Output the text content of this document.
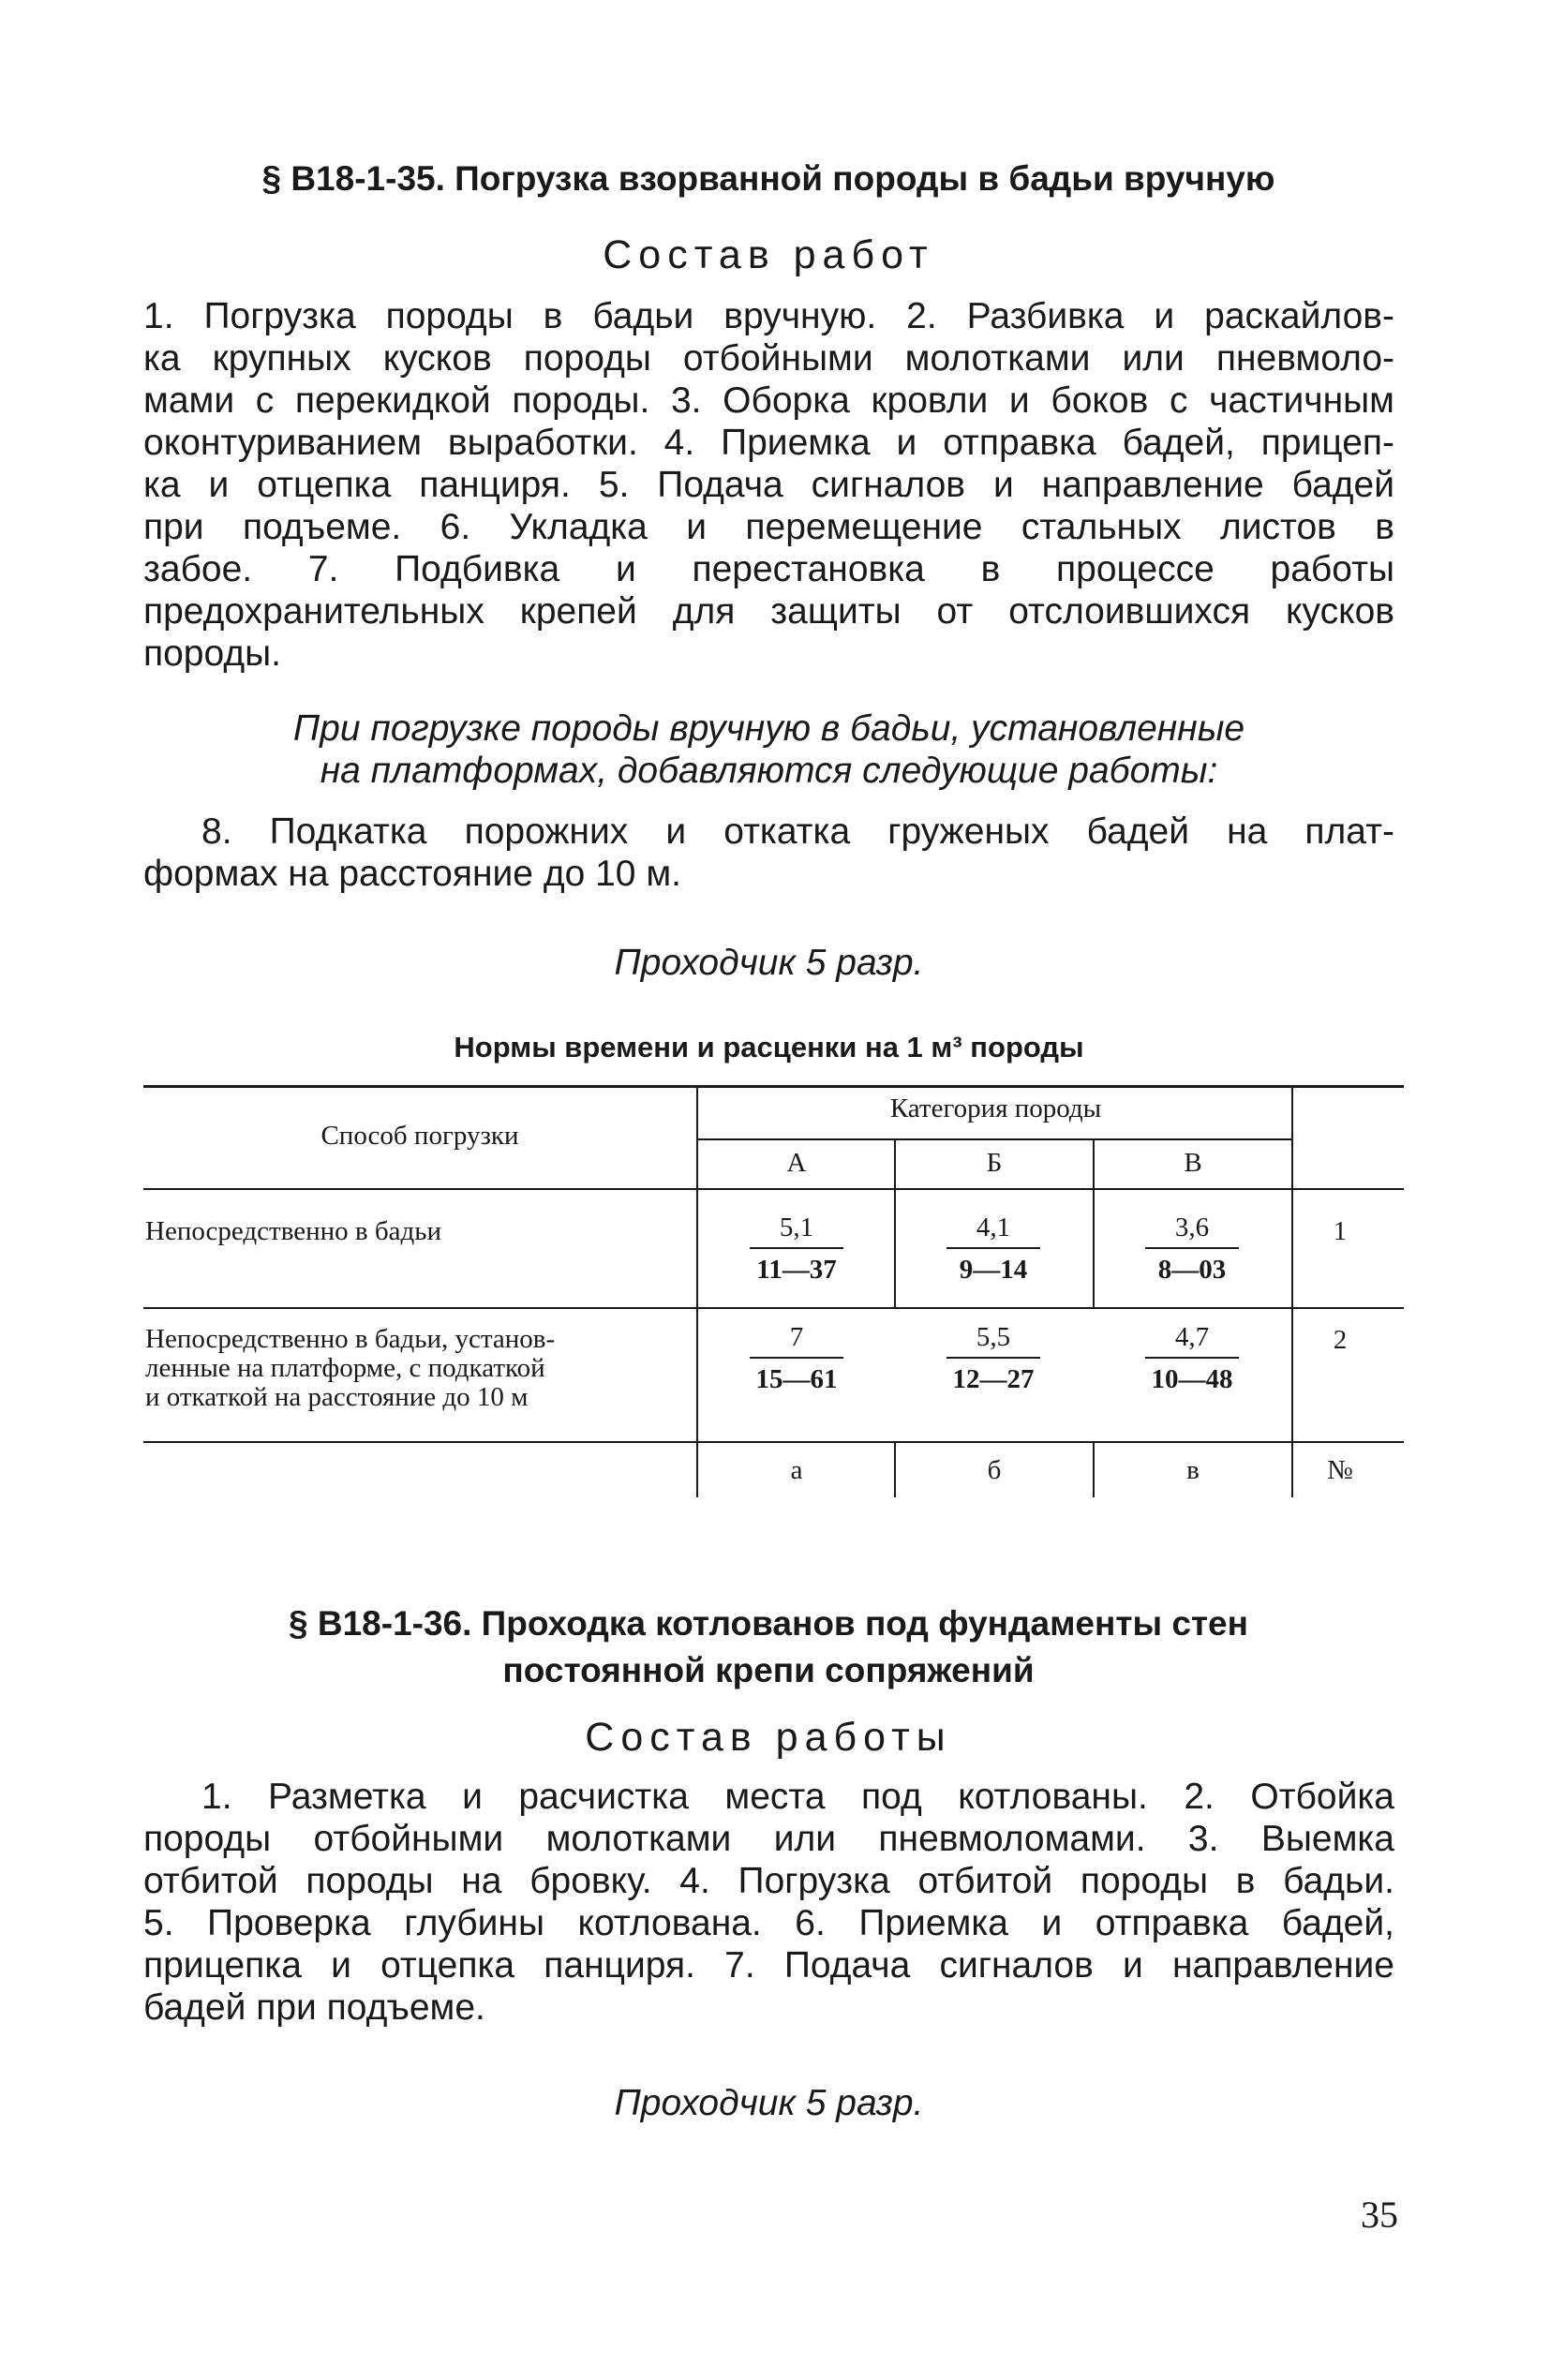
§ В18-1-35. Погрузка взорванной породы в бадьи вручную
Состав работ
1. Погрузка породы в бадьи вручную. 2. Разбивка и раскайлов-
ка крупных кусков породы отбойными молотками или пневмоло-
мами с перекидкой породы. 3. Оборка кровли и боков с частичным
оконтуриванием выработки. 4. Приемка и отправка бадей, прицеп-
ка и отцепка панциря. 5. Подача сигналов и направление бадей
при подъеме. 6. Укладка и перемещение стальных листов в
забое. 7. Подбивка и перестановка в процессе работы
предохранительных крепей для защиты от отслоившихся кусков
породы.
При погрузке породы вручную в бадьи, установленные
на платформах, добавляются следующие работы:
8. Подкатка порожних и откатка груженых бадей на плат-
формах на расстояние до 10 м.
Проходчик 5 разр.
Нормы времени и расценки на 1 м³ породы
Способ погрузки
Категория породы
А	Б	В
Непосредственно в бадьи	$\frac{5,1}{11—37}$	$\frac{4,1}{9—14}$	$\frac{3,6}{8—03}$	1
Непосредственно в бадьи, установ-
ленные на платформе, с подкаткой
и откаткой на расстояние до 10 м
$\frac{7}{15—61}$	$\frac{5,5}{12—27}$	$\frac{4,7}{10—48}$	2
а	б	в	№
§ В18-1-36. Проходка котлованов под фундаменты стен
постоянной крепи сопряжений
Состав работы
1. Разметка и расчистка места под котлованы. 2. Отбойка
породы отбойными молотками или пневмоломами. 3. Выемка
отбитой породы на бровку. 4. Погрузка отбитой породы в бадьи.
5. Проверка глубины котлована. 6. Приемка и отправка бадей,
прицепка и отцепка панциря. 7. Подача сигналов и направление
бадей при подъеме.
Проходчик 5 разр.
35
